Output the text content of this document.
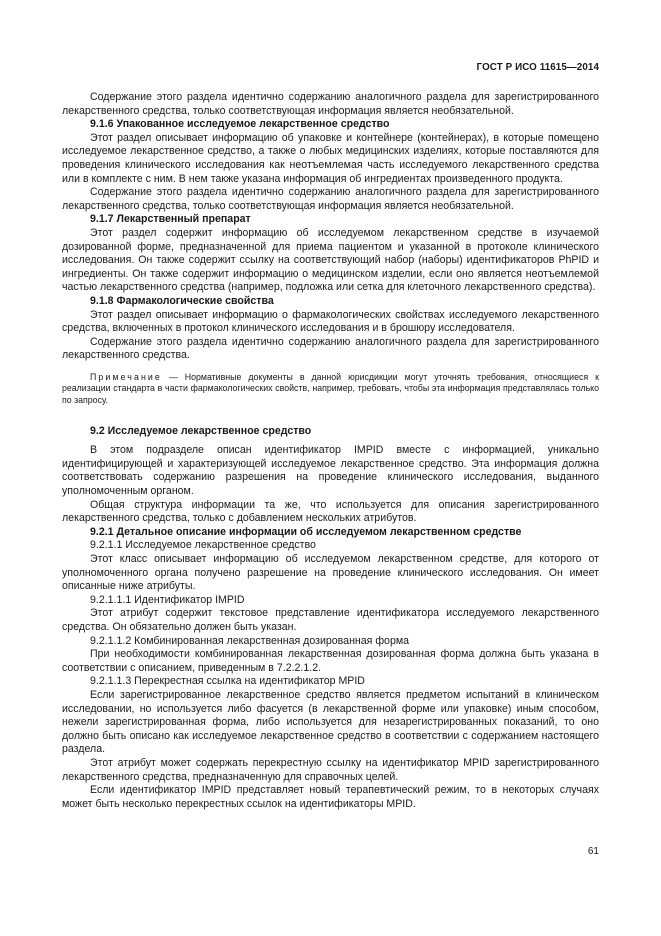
ГОСТ Р ИСО 11615—2014

Содержание этого раздела идентично содержанию аналогичного раздела для зарегистрированного лекарственного средства, только соответствующая информация является необязательной.

9.1.6 Упакованное исследуемое лекарственное средство

Этот раздел описывает информацию об упаковке и контейнере (контейнерах), в которые помещено исследуемое лекарственное средство, а также о любых медицинских изделиях, которые поставляются для проведения клинического исследования как неотъемлемая часть исследуемого лекарственного средства или в комплекте с ним. В нем также указана информация об ингредиентах произведенного продукта.

Содержание этого раздела идентично содержанию аналогичного раздела для зарегистрированного лекарственного средства, только соответствующая информация является необязательной.

9.1.7 Лекарственный препарат

Этот раздел содержит информацию об исследуемом лекарственном средстве в изучаемой дозированной форме, предназначенной для приема пациентом и указанной в протоколе клинического исследования. Он также содержит ссылку на соответствующий набор (наборы) идентификаторов PhPID и ингредиенты. Он также содержит информацию о медицинском изделии, если оно является неотъемлемой частью лекарственного средства (например, подложка или сетка для клеточного лекарственного средства).

9.1.8 Фармакологические свойства

Этот раздел описывает информацию о фармакологических свойствах исследуемого лекарственного средства, включенных в протокол клинического исследования и в брошюру исследователя.

Содержание этого раздела идентично содержанию аналогичного раздела для зарегистрированного лекарственного средства.

Примечание — Нормативные документы в данной юрисдикции могут уточнять требования, относящиеся к реализации стандарта в части фармакологических свойств, например, требовать, чтобы эта информация представлялась только по запросу.

9.2 Исследуемое лекарственное средство

В этом подразделе описан идентификатор IMPID вместе с информацией, уникально идентифицирующей и характеризующей исследуемое лекарственное средство. Эта информация должна соответствовать содержанию разрешения на проведение клинического исследования, выданного уполномоченным органом.

Общая структура информации та же, что используется для описания зарегистрированного лекарственного средства, только с добавлением нескольких атрибутов.

9.2.1 Детальное описание информации об исследуемом лекарственном средстве

9.2.1.1 Исследуемое лекарственное средство

Этот класс описывает информацию об исследуемом лекарственном средстве, для которого от уполномоченного органа получено разрешение на проведение клинического исследования. Он имеет описанные ниже атрибуты.

9.2.1.1.1 Идентификатор IMPID

Этот атрибут содержит текстовое представление идентификатора исследуемого лекарственного средства. Он обязательно должен быть указан.

9.2.1.1.2 Комбинированная лекарственная дозированная форма

При необходимости комбинированная лекарственная дозированная форма должна быть указана в соответствии с описанием, приведенным в 7.2.2.1.2.

9.2.1.1.3 Перекрестная ссылка на идентификатор MPID

Если зарегистрированное лекарственное средство является предметом испытаний в клиническом исследовании, но используется либо фасуется (в лекарственной форме или упаковке) иным способом, нежели зарегистрированная форма, либо используется для незарегистрированных показаний, то оно должно быть описано как исследуемое лекарственное средство в соответствии с содержанием настоящего раздела.

Этот атрибут может содержать перекрестную ссылку на идентификатор MPID зарегистрированного лекарственного средства, предназначенную для справочных целей.

Если идентификатор IMPID представляет новый терапевтический режим, то в некоторых случаях может быть несколько перекрестных ссылок на идентификаторы MPID.

61
